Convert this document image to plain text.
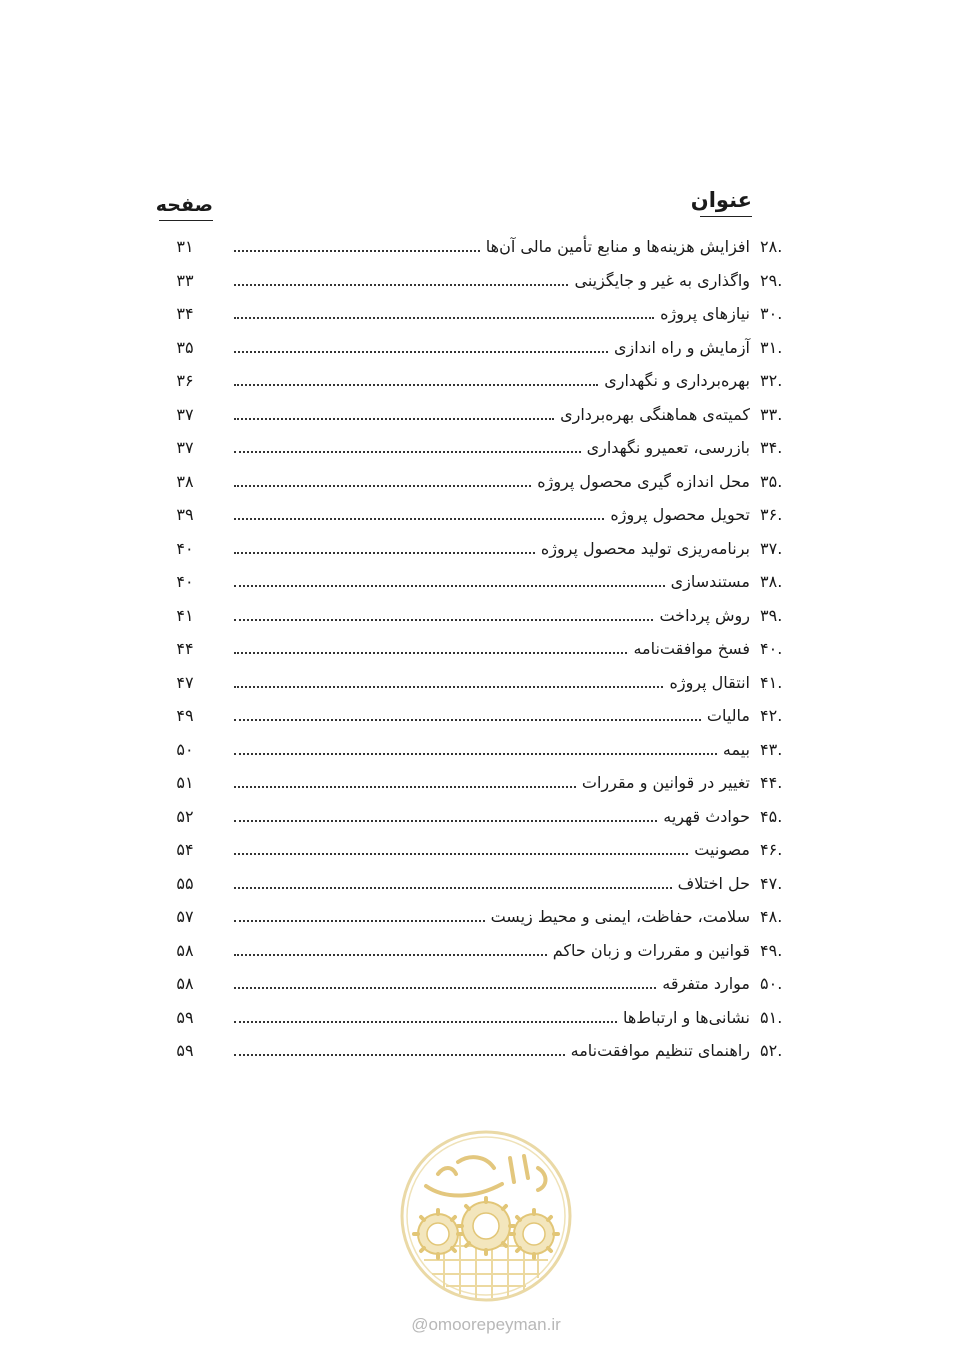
عنوان
صفحه
۲۸.
افزایش هزینه‌ها و منابع تأمین مالی آن‌ها
۳۱
۲۹.
واگذاری به غیر و جایگزینی
۳۳
۳۰.
نیازهای پروژه
۳۴
۳۱.
آزمایش و راه اندازی
۳۵
۳۲.
بهره‌برداری و نگهداری
۳۶
۳۳.
کمیته‌ی هماهنگی بهره‌برداری
۳۷
۳۴.
بازرسی، تعمیرو نگهداری
۳۷
۳۵.
محل اندازه گیری محصول پروژه
۳۸
۳۶.
تحویل محصول پروژه
۳۹
۳۷.
برنامه‌ریزی تولید محصول پروژه
۴۰
۳۸.
مستندسازی
۴۰
۳۹.
روش پرداخت
۴۱
۴۰.
فسخ موافقت‌نامه
۴۴
۴۱.
انتقال پروژه
۴۷
۴۲.
مالیات
۴۹
۴۳.
بیمه
۵۰
۴۴.
تغییر در قوانین و مقررات
۵۱
۴۵.
حوادث قهریه
۵۲
۴۶.
مصونیت
۵۴
۴۷.
حل اختلاف
۵۵
۴۸.
سلامت، حفاظت، ایمنی و محیط زیست
۵۷
۴۹.
قوانین و مقررات و زبان حاکم
۵۸
۵۰.
موارد متفرقه
۵۸
۵۱.
نشانی‌ها و ارتباط‌ها
۵۹
۵۲.
راهنمای تنظیم موافقت‌نامه
۵۹
@omoorepeyman.ir
